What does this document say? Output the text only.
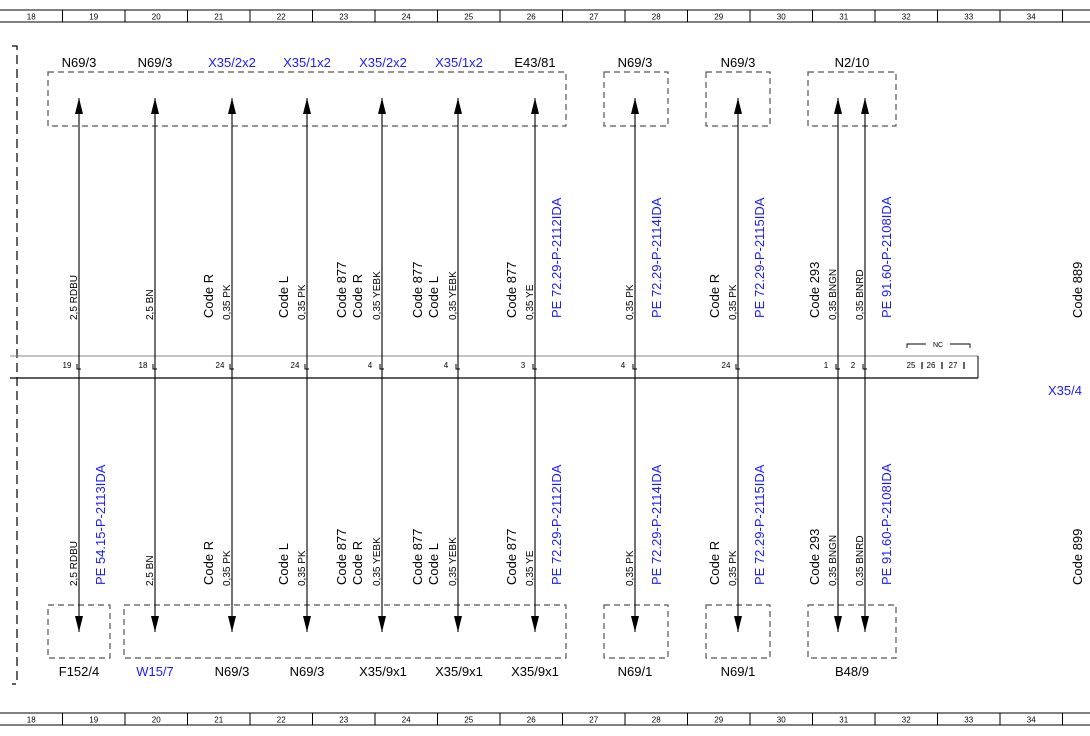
18	19	20	21	22	23	24	25	26	27	28	29	30	31	32	33	34
18	19	20	21	22	23	24	25	26	27	28	29	30	31	32	33	34
X35/4
Code 889
Code 899
N69/3
F152/4
19
2,5 RDBU
2,5 RDBU PE 54.15-P-2113IDA
N69/3
W15/7
18
2,5 BN
2,5 BN
X35/2x2
N69/3
24
0,35 PK
0,35 PK
Code R
Code R
X35/1x2
N69/3
24
0,35 PK
0,35 PK
Code L
Code L
X35/2x2
X35/9x1
4
0,35 YEBK
0,35 YEBK
Code 877 Code R
Code 877 Code R
X35/1x2
X35/9x1
4
0,35 YEBK
0,35 YEBK
Code 877 Code L
Code 877 Code L
E43/81
X35/9x1
3
0,35 YE
0,35 YE
Code 877
Code 877
PE 72.29-P-2112IDA
PE 72.29-P-2112IDA
N69/3
N69/1
4
0,35 PK
0,35 PK
PE 72.29-P-2114IDA
PE 72.29-P-2114IDA
N69/3
N69/1
24
0,35 PK
0,35 PK
Code R
Code R
PE 72.29-P-2115IDA
PE 72.29-P-2115IDA
N2/10
B48/9
1
0,35 BNGN
0,35 BNGN
Code 293
Code 293
2
0,35 BNRD
0,35 BNRD
PE 91.60-P-2108IDA
PE 91.60-P-2108IDA
NC
25 26 27
